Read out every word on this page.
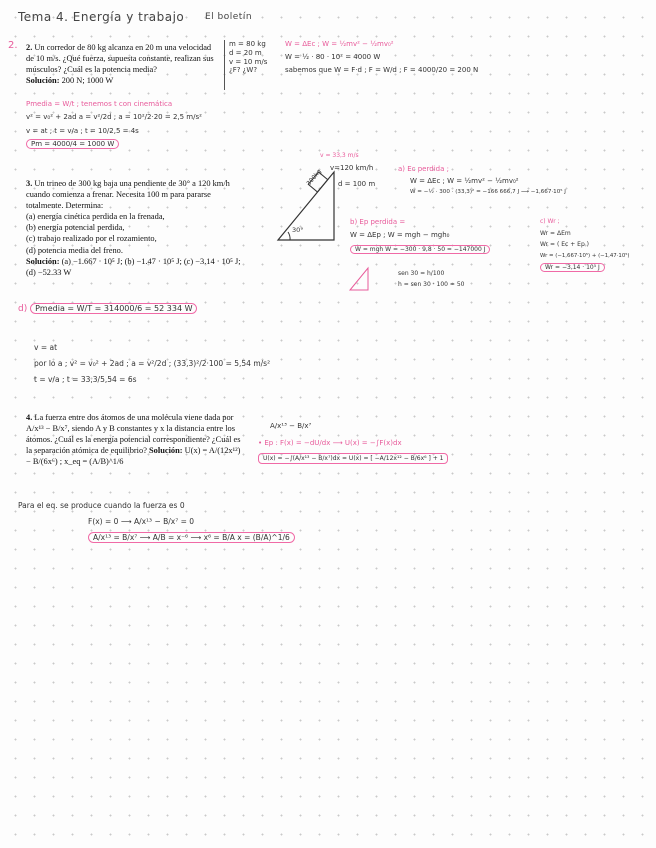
Tema 4. Energía y trabajo El boletín
2. 2. Un corredor de 80 kg alcanza en 20 m una velocidad de 10 m/s. ¿Qué fuerza, supuesta constante, realizan sus músculos? ¿Cuál es la potencia media?
Solución: 200 N; 1000 W
m = 80 kg
d = 20 m
v = 10 m/s
¿F? ¿W?
W = ΔEc ; W = ½mv² − ½mv₀²
W = ½ · 80 · 10² = 4000 W
sabemos que W = F·d ; F = W/d ; F = 4000/20 = 200 N
Pmedia = W/t ; tenemos t con cinemática
v² = v₀² + 2ad a = v²/2d ; a = 10²/2·20 = 2,5 m/s²
v = at ; t = v/a ; t = 10/2,5 = 4s
Pm = 4000/4 = 1000 W
3. Un trineo de 300 kg baja una pendiente de 30° a 120 km/h cuando comienza a frenar. Necesita 100 m para pararse totalmente. Determina:
(a) energía cinética perdida en la frenada,
(b) energía potencial perdida,
(c) trabajo realizado por el rozamiento,
(d) potencia media del freno.
Solución: (a) −1.667 · 10⁵ J; (b) −1.47 · 10⁵ J; (c) −3.14 · 10⁵ J; (d) −52.33 W
300kg
30°
v = 33,3 m/s
v=120 km/h
d = 100 m
a) Ec perdida ;
W = ΔEc ; W = ½mv² − ½mv₀²
W = −½ · 300 · (33,3)² = −166 666,7 J ⟶ −1,667·10⁵ J
b) Ep perdida =
W = ΔEp ; W = mgh − mgh₀
W = mgh W = −300 · 9,8 · 50 = −147000 J
sen 30 = h/100
h = sen 30 · 100 = 50
c) Wr ;
Wr = ΔEm
Wr = ( Ec + Ep )
Wr = (−1,667·10⁵) + (−1,47·10⁵)
Wr = −3,14 · 10⁵ J
d) Pmedia = W/T = 314000/6 = 52 334 W
v = at
por lo a ; v² = v₀² + 2ad ; a = v²/2d ; (33,3)²/2·100 = 5,54 m/s²
t = v/a ; t = 33,3/5,54 = 6s
4. La fuerza entre dos átomos de una molécula viene dada por A/x¹³ − B/x⁷, siendo A y B constantes y x la distancia entre los átomos. ¿Cuál es la energía potencial correspondiente? ¿Cuál es la separación atómica de equilibrio? Solución: U(x) = A/(12x¹²) − B/(6x⁶) ; x_eq = (A/B)^1/6
A/x¹³ − B/x⁷
• Ep : F(x) = −dU/dx ⟶ U(x) = −∫F(x)dx
U(x) = −∫(A/x¹³ − B/x⁷)dx = U(x) = [ −A/12x¹² − B/6x⁶ ] + 1
Para el eq. se produce cuando la fuerza es 0
F(x) = 0 ⟶ A/x¹³ − B/x⁷ = 0
A/x¹³ = B/x⁷ ⟶ A/B = x⁻⁶ ⟶ x⁶ = B/A x = (B/A)^1/6
